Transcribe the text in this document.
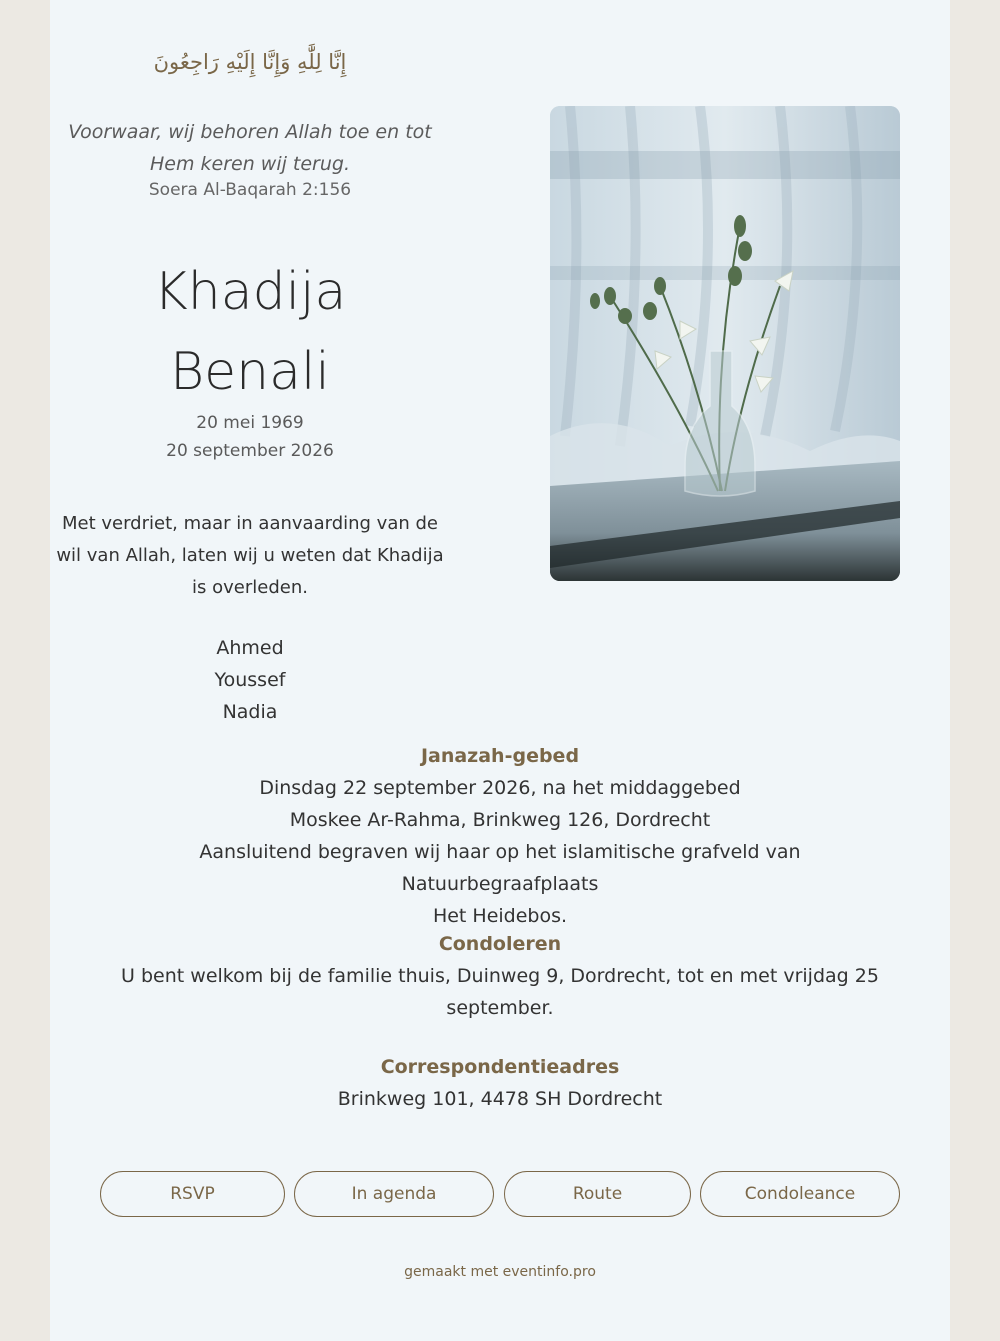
إِنَّا لِلَّٰهِ وَإِنَّا إِلَيْهِ رَاجِعُونَ
Voorwaar, wij behoren Allah toe en tot
Hem keren wij terug.
Soera Al-Baqarah 2:156
Khadija
Benali
20 mei 1969
20 september 2026
Met verdriet, maar in aanvaarding van de
wil van Allah, laten wij u weten dat Khadija
is overleden.
Ahmed
Youssef
Nadia
Janazah-gebed
Dinsdag 22 september 2026, na het middaggebed
Moskee Ar-Rahma, Brinkweg 126, Dordrecht
Aansluitend begraven wij haar op het islamitische grafveld van Natuurbegraafplaats
Het Heidebos.
Condoleren
U bent welkom bij de familie thuis, Duinweg 9, Dordrecht, tot en met vrijdag 25
september.
Correspondentieadres
Brinkweg 101, 4478 SH Dordrecht
RSVP	In agenda	Route	Condoleance
gemaakt met eventinfo.pro
